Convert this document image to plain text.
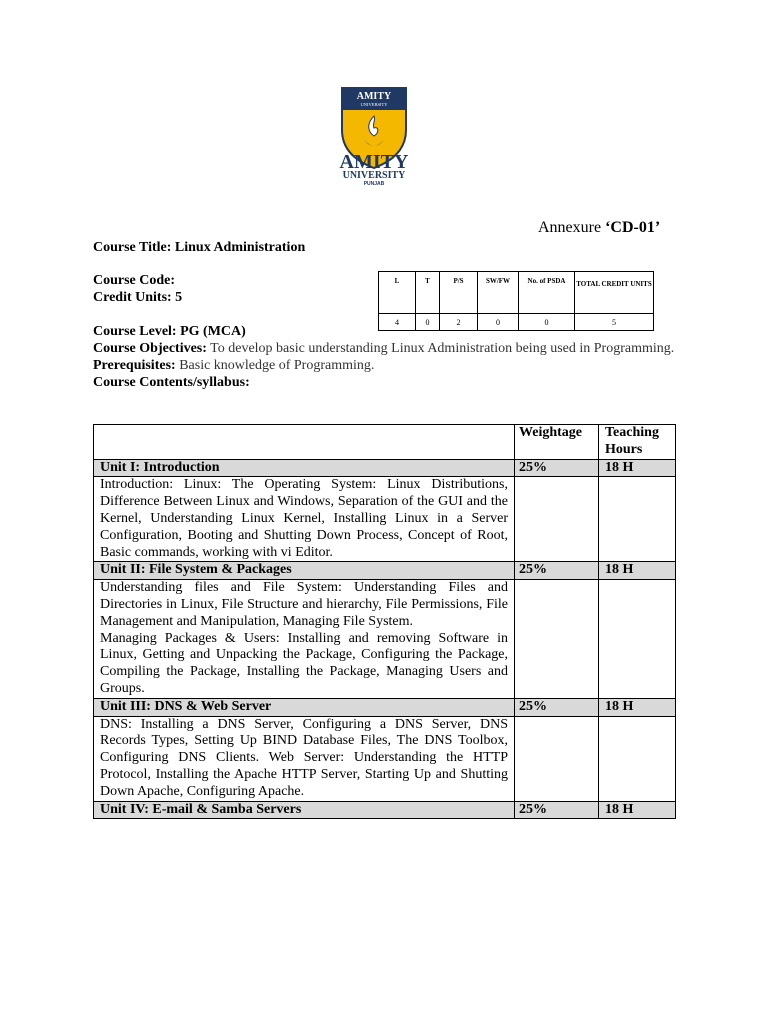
AMITY
UNIVERSITY
AMITY
UNIVERSITY
PUNJAB
Annexure ‘CD-01’
Course Title: Linux Administration
Course Code:
Credit Units: 5
L	T	P/S	SW/FW	No. of PSDA	TOTAL CREDIT UNITS
4	0	2	0	0	5
Course Level: PG (MCA)
Course Objectives: To develop basic understanding Linux Administration being used in Programming.
Prerequisites: Basic knowledge of Programming.
Course Contents/syllabus:
	Weightage	Teaching Hours
Unit I: Introduction	25%	18 H
Introduction: Linux: The Operating System: Linux Distributions, Difference Between Linux and Windows, Separation of the GUI and the Kernel, Understanding Linux Kernel, Installing Linux in a Server Configuration, Booting and Shutting Down Process, Concept of Root, Basic commands, working with vi Editor.		
Unit II: File System & Packages	25%	18 H

Understanding files and File System: Understanding Files and Directories in Linux, File Structure and hierarchy, File Permissions, File Management and Manipulation, Managing File System.
Managing Packages & Users: Installing and removing Software in Linux, Getting and Unpacking the Package, Configuring the Package, Compiling the Package, Installing the Package, Managing Users and Groups.		

Unit III: DNS & Web Server	25%	18 H
DNS: Installing a DNS Server, Configuring a DNS Server, DNS Records Types, Setting Up BIND Database Files, The DNS Toolbox, Configuring DNS Clients. Web Server: Understanding the HTTP Protocol, Installing the Apache HTTP Server, Starting Up and Shutting Down Apache, Configuring Apache.		
Unit IV: E-mail & Samba Servers	25%	18 H
